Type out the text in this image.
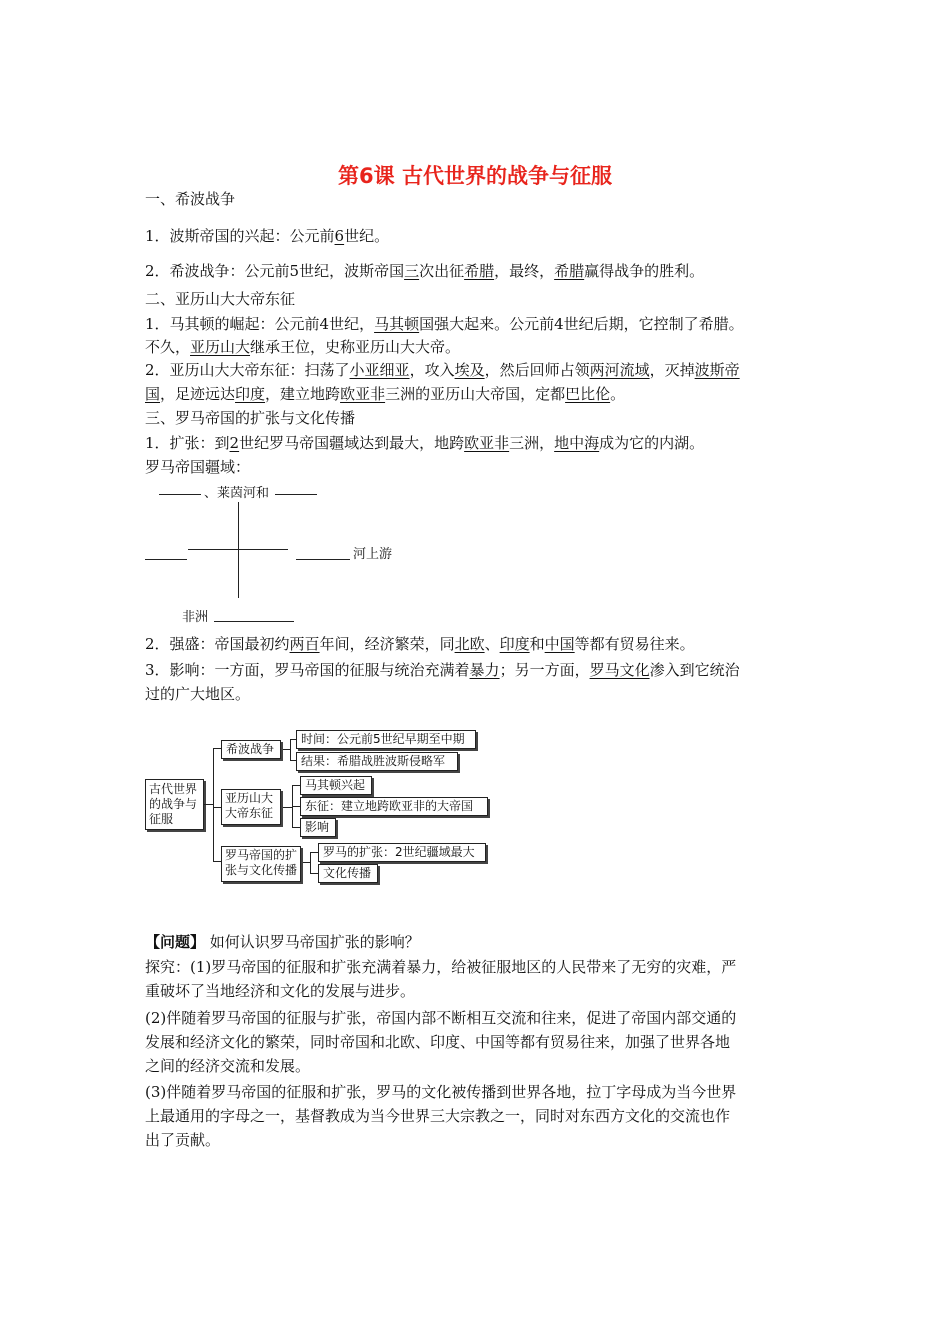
第6课 古代世界的战争与征服
一、希波战争
1．波斯帝国的兴起：公元前6世纪。
2．希波战争：公元前5世纪，波斯帝国三次出征希腊，最终，希腊赢得战争的胜利。
二、亚历山大大帝东征
1．马其顿的崛起：公元前4世纪，马其顿国强大起来。公元前4世纪后期，它控制了希腊。
不久，亚历山大继承王位，史称亚历山大大帝。
2．亚历山大大帝东征：扫荡了小亚细亚，攻入埃及，然后回师占领两河流域，灭掉波斯帝
国，足迹远达印度，建立地跨欧亚非三洲的亚历山大帝国，定都巴比伦。
三、罗马帝国的扩张与文化传播
1．扩张：到2世纪罗马帝国疆域达到最大，地跨欧亚非三洲，地中海成为它的内湖。
罗马帝国疆域：
、莱茵河和
河上游
非洲
2．强盛：帝国最初约两百年间，经济繁荣，同北欧、印度和中国等都有贸易往来。
3．影响：一方面，罗马帝国的征服与统治充满着暴力；另一方面，罗马文化渗入到它统治
过的广大地区。
古代世界的战争与征服
希波战争
亚历山大大帝东征
罗马帝国的扩张与文化传播
时间：公元前5世纪早期至中期
结果：希腊战胜波斯侵略军
马其顿兴起
东征：建立地跨欧亚非的大帝国
影响
罗马的扩张：2世纪疆域最大
文化传播
【问题】 如何认识罗马帝国扩张的影响？
探究：(1)罗马帝国的征服和扩张充满着暴力，给被征服地区的人民带来了无穷的灾难，严
重破坏了当地经济和文化的发展与进步。
(2)伴随着罗马帝国的征服与扩张，帝国内部不断相互交流和往来，促进了帝国内部交通的
发展和经济文化的繁荣，同时帝国和北欧、印度、中国等都有贸易往来，加强了世界各地
之间的经济交流和发展。
(3)伴随着罗马帝国的征服和扩张，罗马的文化被传播到世界各地，拉丁字母成为当今世界
上最通用的字母之一，基督教成为当今世界三大宗教之一，同时对东西方文化的交流也作
出了贡献。
